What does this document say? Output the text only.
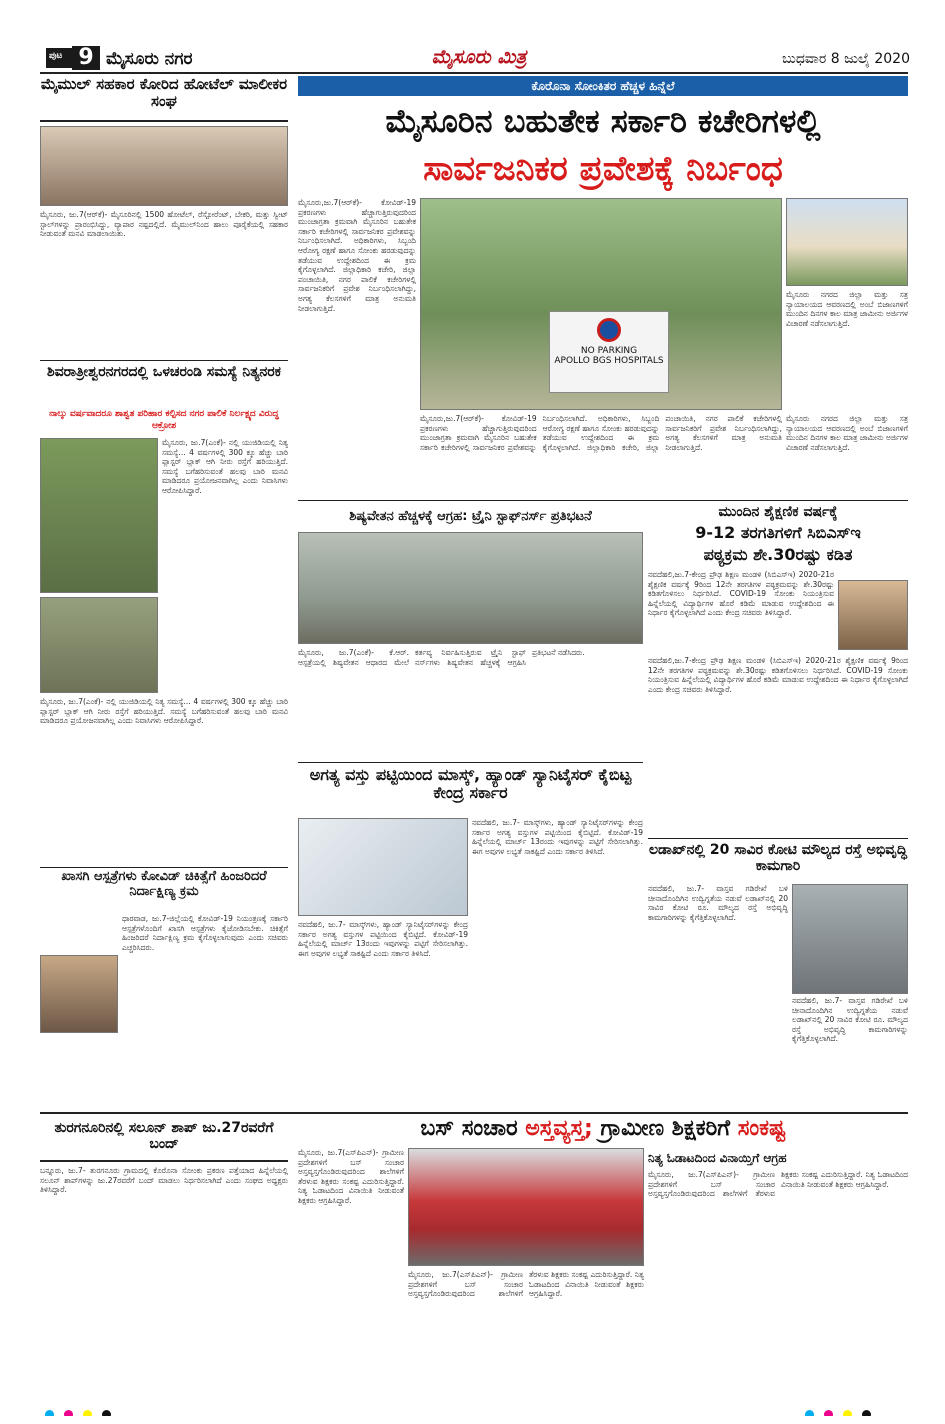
ಪುಟ 9 ಮೈಸೂರು ನಗರ	ಮೈಸೂರು ಮಿತ್ರ	ಬುಧವಾರ 8 ಜುಲೈ 2020
ಮೈಮುಲ್ ಸಹಕಾರ ಕೋರಿದ ಹೋಟೆಲ್ ಮಾಲೀಕರ ಸಂಘ
ಮೈಸೂರು, ಜು.7(ಆರ್‌ಕೆ)- ಮೈಸೂರಿನಲ್ಲಿ 1500 ಹೋಟೆಲ್, ರೆಸ್ಟೋರೆಂಟ್, ಬೇಕರಿ, ಮತ್ತು ಸ್ವೀಟ್ ಸ್ಟಾಲ್‌ಗಳನ್ನು ಪ್ರಾರಂಭಿಸಿದ್ದು, ವ್ಯಾಪಾರ ನಷ್ಟದಲ್ಲಿದೆ. ಮೈಮುಲ್‌ನಿಂದ ಹಾಲು ಪೂರೈಕೆಯಲ್ಲಿ ಸಹಕಾರ ನೀಡುವಂತೆ ಮನವಿ ಮಾಡಲಾಯಿತು.
ಶಿವರಾತ್ರೀಶ್ವರನಗರದಲ್ಲಿ ಒಳಚರಂಡಿ ಸಮಸ್ಯೆ ನಿತ್ಯನರಕ
ನಾಲ್ಕು ವರ್ಷವಾದರೂ ಶಾಶ್ವತ ಪರಿಹಾರ ಕಲ್ಪಿಸದ ನಗರ ಪಾಲಿಕೆ ನಿರ್ಲಕ್ಷ್ಯದ ವಿರುದ್ಧ ಆಕ್ರೋಶ
ಮೈಸೂರು, ಜು.7(ಎಂಕೆ)- ನಲ್ಲಿ ಯುಜಿಡಿಯಲ್ಲಿ ನಿತ್ಯ ಸಮಸ್ಯೆ... 4 ವರ್ಷಗಳಲ್ಲಿ 300 ಕ್ಕೂ ಹೆಚ್ಚು ಬಾರಿ ಪ್ಲಾಸ್ಟರ್‌ ಬ್ಲಾಕ್ ಆಗಿ ನೀರು ರಸ್ತೆಗೆ ಹರಿಯುತ್ತಿದೆ. ಸಮಸ್ಯೆ ಬಗೆಹರಿಸುವಂತೆ ಹಲವು ಬಾರಿ ಮನವಿ ಮಾಡಿದರೂ ಪ್ರಯೋಜನವಾಗಿಲ್ಲ ಎಂದು ನಿವಾಸಿಗಳು ಆರೋಪಿಸಿದ್ದಾರೆ.
ಮೈಸೂರು, ಜು.7(ಎಂಕೆ)- ನಲ್ಲಿ ಯುಜಿಡಿಯಲ್ಲಿ ನಿತ್ಯ ಸಮಸ್ಯೆ... 4 ವರ್ಷಗಳಲ್ಲಿ 300 ಕ್ಕೂ ಹೆಚ್ಚು ಬಾರಿ ಪ್ಲಾಸ್ಟರ್‌ ಬ್ಲಾಕ್ ಆಗಿ ನೀರು ರಸ್ತೆಗೆ ಹರಿಯುತ್ತಿದೆ. ಸಮಸ್ಯೆ ಬಗೆಹರಿಸುವಂತೆ ಹಲವು ಬಾರಿ ಮನವಿ ಮಾಡಿದರೂ ಪ್ರಯೋಜನವಾಗಿಲ್ಲ ಎಂದು ನಿವಾಸಿಗಳು ಆರೋಪಿಸಿದ್ದಾರೆ.
ಖಾಸಗಿ ಆಸ್ಪತ್ರೆಗಳು ಕೋವಿಡ್ ಚಿಕಿತ್ಸೆಗೆ ಹಿಂಜರಿದರೆ ನಿರ್ದಾಕ್ಷಿಣ್ಯ ಕ್ರಮ
ಧಾರವಾಡ, ಜು.7-ಜಿಲ್ಲೆಯಲ್ಲಿ ಕೋವಿಡ್-19 ನಿಯಂತ್ರಣಕ್ಕೆ ಸರ್ಕಾರಿ ಆಸ್ಪತ್ರೆಗಳೊಂದಿಗೆ ಖಾಸಗಿ ಆಸ್ಪತ್ರೆಗಳು ಕೈಜೋಡಿಸಬೇಕು. ಚಿಕಿತ್ಸೆಗೆ ಹಿಂಜರಿದರೆ ನಿರ್ದಾಕ್ಷಿಣ್ಯ ಕ್ರಮ ಕೈಗೊಳ್ಳಲಾಗುವುದು ಎಂದು ಸಚಿವರು ಎಚ್ಚರಿಸಿದರು.
ಕೊರೊನಾ ಸೋಂಕಿತರ ಹೆಚ್ಚಳ ಹಿನ್ನೆಲೆ
ಮೈಸೂರಿನ ಬಹುತೇಕ ಸರ್ಕಾರಿ ಕಚೇರಿಗಳಲ್ಲಿ
ಸಾರ್ವಜನಿಕರ ಪ್ರವೇಶಕ್ಕೆ ನಿರ್ಬಂಧ
ಮೈಸೂರು,ಜು.7(ಆರ್‌ಕೆ)- ಕೋವಿಡ್-19 ಪ್ರಕರಣಗಳು ಹೆಚ್ಚಾಗುತ್ತಿರುವುದರಿಂದ ಮುಂಜಾಗ್ರತಾ ಕ್ರಮವಾಗಿ ಮೈಸೂರಿನ ಬಹುತೇಕ ಸರ್ಕಾರಿ ಕಚೇರಿಗಳಲ್ಲಿ ಸಾರ್ವಜನಿಕರ ಪ್ರವೇಶವನ್ನು ನಿರ್ಬಂಧಿಸಲಾಗಿದೆ. ಅಧಿಕಾರಿಗಳು, ಸಿಬ್ಬಂದಿ ಆರೋಗ್ಯ ರಕ್ಷಣೆ ಹಾಗೂ ಸೋಂಕು ಹರಡುವುದನ್ನು ತಡೆಯುವ ಉದ್ದೇಶದಿಂದ ಈ ಕ್ರಮ ಕೈಗೊಳ್ಳಲಾಗಿದೆ. ಜಿಲ್ಲಾಧಿಕಾರಿ ಕಚೇರಿ, ಜಿಲ್ಲಾ ಪಂಚಾಯಿತಿ, ನಗರ ಪಾಲಿಕೆ ಕಚೇರಿಗಳಲ್ಲಿ ಸಾರ್ವಜನಿಕರಿಗೆ ಪ್ರವೇಶ ನಿರ್ಬಂಧಿಸಲಾಗಿದ್ದು, ಅಗತ್ಯ ಕೆಲಸಗಳಿಗೆ ಮಾತ್ರ ಅನುಮತಿ ನೀಡಲಾಗುತ್ತಿದೆ.
NO PARKING
APOLLO BGS HOSPITALS
ಮೈಸೂರು ನಗರದ ಜಿಲ್ಲಾ ಮತ್ತು ಸತ್ರ ನ್ಯಾಯಾಲಯದ ಆವರಣದಲ್ಲಿ ಅಂಬೆ ಬಿಜಾಣಗಳಿಗೆ ಮುಂದಿನ ದಿನಗಳ ಕಾಲ ಮಾತ್ರ ಜಾಮೀನು ಅರ್ಜಿಗಳ ವಿಚಾರಣೆ ನಡೆಸಲಾಗುತ್ತಿದೆ.
ಮೈಸೂರು,ಜು.7(ಆರ್‌ಕೆ)- ಕೋವಿಡ್-19 ಪ್ರಕರಣಗಳು ಹೆಚ್ಚಾಗುತ್ತಿರುವುದರಿಂದ ಮುಂಜಾಗ್ರತಾ ಕ್ರಮವಾಗಿ ಮೈಸೂರಿನ ಬಹುತೇಕ ಸರ್ಕಾರಿ ಕಚೇರಿಗಳಲ್ಲಿ ಸಾರ್ವಜನಿಕರ ಪ್ರವೇಶವನ್ನು ನಿರ್ಬಂಧಿಸಲಾಗಿದೆ. ಅಧಿಕಾರಿಗಳು, ಸಿಬ್ಬಂದಿ ಆರೋಗ್ಯ ರಕ್ಷಣೆ ಹಾಗೂ ಸೋಂಕು ಹರಡುವುದನ್ನು ತಡೆಯುವ ಉದ್ದೇಶದಿಂದ ಈ ಕ್ರಮ ಕೈಗೊಳ್ಳಲಾಗಿದೆ. ಜಿಲ್ಲಾಧಿಕಾರಿ ಕಚೇರಿ, ಜಿಲ್ಲಾ ಪಂಚಾಯಿತಿ, ನಗರ ಪಾಲಿಕೆ ಕಚೇರಿಗಳಲ್ಲಿ ಸಾರ್ವಜನಿಕರಿಗೆ ಪ್ರವೇಶ ನಿರ್ಬಂಧಿಸಲಾಗಿದ್ದು, ಅಗತ್ಯ ಕೆಲಸಗಳಿಗೆ ಮಾತ್ರ ಅನುಮತಿ ನೀಡಲಾಗುತ್ತಿದೆ.
ಮೈಸೂರು ನಗರದ ಜಿಲ್ಲಾ ಮತ್ತು ಸತ್ರ ನ್ಯಾಯಾಲಯದ ಆವರಣದಲ್ಲಿ ಅಂಬೆ ಬಿಜಾಣಗಳಿಗೆ ಮುಂದಿನ ದಿನಗಳ ಕಾಲ ಮಾತ್ರ ಜಾಮೀನು ಅರ್ಜಿಗಳ ವಿಚಾರಣೆ ನಡೆಸಲಾಗುತ್ತಿದೆ.
ಶಿಷ್ಯವೇತನ ಹೆಚ್ಚಳಕ್ಕೆ ಆಗ್ರಹ: ಟ್ರೈನಿ ಸ್ಟಾಫ್‌ನರ್ಸ್ ಪ್ರತಿಭಟನೆ
ಮೈಸೂರು, ಜು.7(ಎಂಕೆ)- ಕೆ.ಆರ್. ಆಸ್ಪತ್ರೆಯಲ್ಲಿ ಶಿಷ್ಯವೇತನ ಆಧಾರದ ಮೇಲೆ ಕರ್ತವ್ಯ ನಿರ್ವಹಿಸುತ್ತಿರುವ ಟ್ರೈನಿ ಸ್ಟಾಫ್ ನರ್ಸ್‌ಗಳು ಶಿಷ್ಯವೇತನ ಹೆಚ್ಚಳಕ್ಕೆ ಆಗ್ರಹಿಸಿ ಪ್ರತಿಭಟನೆ ನಡೆಸಿದರು.
ಮುಂದಿನ ಶೈಕ್ಷಣಿಕ ವರ್ಷಕ್ಕೆ
9-12 ತರಗತಿಗಳಿಗೆ ಸಿಬಿಎಸ್‌ಇ
ಪಠ್ಯಕ್ರಮ ಶೇ.30ರಷ್ಟು ಕಡಿತ
ನವದೆಹಲಿ,ಜು.7-ಕೇಂದ್ರ ಪ್ರೌಢ ಶಿಕ್ಷಣ ಮಂಡಳಿ (ಸಿಬಿಎಸ್‌ಇ) 2020-21ರ ಶೈಕ್ಷಣಿಕ ವರ್ಷಕ್ಕೆ 9ರಿಂದ 12ನೇ ತರಗತಿಗಳ ಪಠ್ಯಕ್ರಮವನ್ನು ಶೇ.30ರಷ್ಟು ಕಡಿತಗೊಳಿಸಲು ನಿರ್ಧರಿಸಿದೆ. COVID-19 ಸೋಂಕು ನಿಯಂತ್ರಿಸುವ ಹಿನ್ನೆಲೆಯಲ್ಲಿ ವಿದ್ಯಾರ್ಥಿಗಳ ಹೊರೆ ಕಡಿಮೆ ಮಾಡುವ ಉದ್ದೇಶದಿಂದ ಈ ನಿರ್ಧಾರ ಕೈಗೊಳ್ಳಲಾಗಿದೆ ಎಂದು ಕೇಂದ್ರ ಸಚಿವರು ತಿಳಿಸಿದ್ದಾರೆ.
ನವದೆಹಲಿ,ಜು.7-ಕೇಂದ್ರ ಪ್ರೌಢ ಶಿಕ್ಷಣ ಮಂಡಳಿ (ಸಿಬಿಎಸ್‌ಇ) 2020-21ರ ಶೈಕ್ಷಣಿಕ ವರ್ಷಕ್ಕೆ 9ರಿಂದ 12ನೇ ತರಗತಿಗಳ ಪಠ್ಯಕ್ರಮವನ್ನು ಶೇ.30ರಷ್ಟು ಕಡಿತಗೊಳಿಸಲು ನಿರ್ಧರಿಸಿದೆ. COVID-19 ಸೋಂಕು ನಿಯಂತ್ರಿಸುವ ಹಿನ್ನೆಲೆಯಲ್ಲಿ ವಿದ್ಯಾರ್ಥಿಗಳ ಹೊರೆ ಕಡಿಮೆ ಮಾಡುವ ಉದ್ದೇಶದಿಂದ ಈ ನಿರ್ಧಾರ ಕೈಗೊಳ್ಳಲಾಗಿದೆ ಎಂದು ಕೇಂದ್ರ ಸಚಿವರು ತಿಳಿಸಿದ್ದಾರೆ.
ಅಗತ್ಯ ವಸ್ತು ಪಟ್ಟಿಯಿಂದ ಮಾಸ್ಕ್, ಹ್ಯಾಂಡ್ ಸ್ಯಾನಿಟೈಸರ್ ಕೈಬಿಟ್ಟ ಕೇಂದ್ರ ಸರ್ಕಾರ
ನವದೆಹಲಿ, ಜು.7- ಮಾಸ್ಕ್‌ಗಳು, ಹ್ಯಾಂಡ್ ಸ್ಯಾನಿಟೈಸರ್‌ಗಳನ್ನು ಕೇಂದ್ರ ಸರ್ಕಾರ ಅಗತ್ಯ ವಸ್ತುಗಳ ಪಟ್ಟಿಯಿಂದ ಕೈಬಿಟ್ಟಿದೆ. ಕೋವಿಡ್-19 ಹಿನ್ನೆಲೆಯಲ್ಲಿ ಮಾರ್ಚ್ 13ರಂದು ಇವುಗಳನ್ನು ಪಟ್ಟಿಗೆ ಸೇರಿಸಲಾಗಿತ್ತು. ಈಗ ಅವುಗಳ ಲಭ್ಯತೆ ಸಾಕಷ್ಟಿದೆ ಎಂದು ಸರ್ಕಾರ ತಿಳಿಸಿದೆ.
ನವದೆಹಲಿ, ಜು.7- ಮಾಸ್ಕ್‌ಗಳು, ಹ್ಯಾಂಡ್ ಸ್ಯಾನಿಟೈಸರ್‌ಗಳನ್ನು ಕೇಂದ್ರ ಸರ್ಕಾರ ಅಗತ್ಯ ವಸ್ತುಗಳ ಪಟ್ಟಿಯಿಂದ ಕೈಬಿಟ್ಟಿದೆ. ಕೋವಿಡ್-19 ಹಿನ್ನೆಲೆಯಲ್ಲಿ ಮಾರ್ಚ್ 13ರಂದು ಇವುಗಳನ್ನು ಪಟ್ಟಿಗೆ ಸೇರಿಸಲಾಗಿತ್ತು. ಈಗ ಅವುಗಳ ಲಭ್ಯತೆ ಸಾಕಷ್ಟಿದೆ ಎಂದು ಸರ್ಕಾರ ತಿಳಿಸಿದೆ.
ಲಡಾಖ್‌ನಲ್ಲಿ 20 ಸಾವಿರ ಕೋಟಿ ಮೌಲ್ಯದ ರಸ್ತೆ ಅಭಿವೃದ್ಧಿ ಕಾಮಗಾರಿ
ನವದೆಹಲಿ, ಜು.7- ವಾಸ್ತವ ಗಡಿರೇಖೆ ಬಳಿ ಚೀನಾದೊಂದಿಗಿನ ಉದ್ವಿಗ್ನತೆಯ ನಡುವೆ ಲಡಾಖ್‌ನಲ್ಲಿ 20 ಸಾವಿರ ಕೋಟಿ ರೂ. ಮೌಲ್ಯದ ರಸ್ತೆ ಅಭಿವೃದ್ಧಿ ಕಾಮಗಾರಿಗಳನ್ನು ಕೈಗೆತ್ತಿಕೊಳ್ಳಲಾಗಿದೆ.
ನವದೆಹಲಿ, ಜು.7- ವಾಸ್ತವ ಗಡಿರೇಖೆ ಬಳಿ ಚೀನಾದೊಂದಿಗಿನ ಉದ್ವಿಗ್ನತೆಯ ನಡುವೆ ಲಡಾಖ್‌ನಲ್ಲಿ 20 ಸಾವಿರ ಕೋಟಿ ರೂ. ಮೌಲ್ಯದ ರಸ್ತೆ ಅಭಿವೃದ್ಧಿ ಕಾಮಗಾರಿಗಳನ್ನು ಕೈಗೆತ್ತಿಕೊಳ್ಳಲಾಗಿದೆ.
ಬಸ್ ಸಂಚಾರ ಅಸ್ತವ್ಯಸ್ತ; ಗ್ರಾಮೀಣ ಶಿಕ್ಷಕರಿಗೆ ಸಂಕಷ್ಟ
ಮೈಸೂರು, ಜು.7(ಎಸ್‌ಪಿಎನ್)- ಗ್ರಾಮೀಣ ಪ್ರದೇಶಗಳಿಗೆ ಬಸ್ ಸಂಚಾರ ಅಸ್ತವ್ಯಸ್ತಗೊಂಡಿರುವುದರಿಂದ ಶಾಲೆಗಳಿಗೆ ತೆರಳುವ ಶಿಕ್ಷಕರು ಸಂಕಷ್ಟ ಎದುರಿಸುತ್ತಿದ್ದಾರೆ. ನಿತ್ಯ ಓಡಾಟದಿಂದ ವಿನಾಯಿತಿ ನೀಡುವಂತೆ ಶಿಕ್ಷಕರು ಆಗ್ರಹಿಸಿದ್ದಾರೆ.
ಮೈಸೂರು, ಜು.7(ಎಸ್‌ಪಿಎನ್)- ಗ್ರಾಮೀಣ ಪ್ರದೇಶಗಳಿಗೆ ಬಸ್ ಸಂಚಾರ ಅಸ್ತವ್ಯಸ್ತಗೊಂಡಿರುವುದರಿಂದ ಶಾಲೆಗಳಿಗೆ ತೆರಳುವ ಶಿಕ್ಷಕರು ಸಂಕಷ್ಟ ಎದುರಿಸುತ್ತಿದ್ದಾರೆ. ನಿತ್ಯ ಓಡಾಟದಿಂದ ವಿನಾಯಿತಿ ನೀಡುವಂತೆ ಶಿಕ್ಷಕರು ಆಗ್ರಹಿಸಿದ್ದಾರೆ.
ನಿತ್ಯ ಓಡಾಟದಿಂದ ವಿನಾಯ್ತಿಗೆ ಆಗ್ರಹ
ಮೈಸೂರು, ಜು.7(ಎಸ್‌ಪಿಎನ್)- ಗ್ರಾಮೀಣ ಪ್ರದೇಶಗಳಿಗೆ ಬಸ್ ಸಂಚಾರ ಅಸ್ತವ್ಯಸ್ತಗೊಂಡಿರುವುದರಿಂದ ಶಾಲೆಗಳಿಗೆ ತೆರಳುವ ಶಿಕ್ಷಕರು ಸಂಕಷ್ಟ ಎದುರಿಸುತ್ತಿದ್ದಾರೆ. ನಿತ್ಯ ಓಡಾಟದಿಂದ ವಿನಾಯಿತಿ ನೀಡುವಂತೆ ಶಿಕ್ಷಕರು ಆಗ್ರಹಿಸಿದ್ದಾರೆ.
ತುರಗನೂರಿನಲ್ಲಿ ಸಲೂನ್ ಶಾಪ್ ಜು.27ರವರೆಗೆ ಬಂದ್
ಬನ್ನೂರು, ಜು.7- ತುರಗನೂರು ಗ್ರಾಮದಲ್ಲಿ ಕೊರೊನಾ ಸೋಂಕು ಪ್ರಕರಣ ಪತ್ತೆಯಾದ ಹಿನ್ನೆಲೆಯಲ್ಲಿ ಸಲೂನ್ ಶಾಪ್‌ಗಳನ್ನು ಜು.27ರವರೆಗೆ ಬಂದ್ ಮಾಡಲು ನಿರ್ಧರಿಸಲಾಗಿದೆ ಎಂದು ಸಂಘದ ಅಧ್ಯಕ್ಷರು ತಿಳಿಸಿದ್ದಾರೆ.
